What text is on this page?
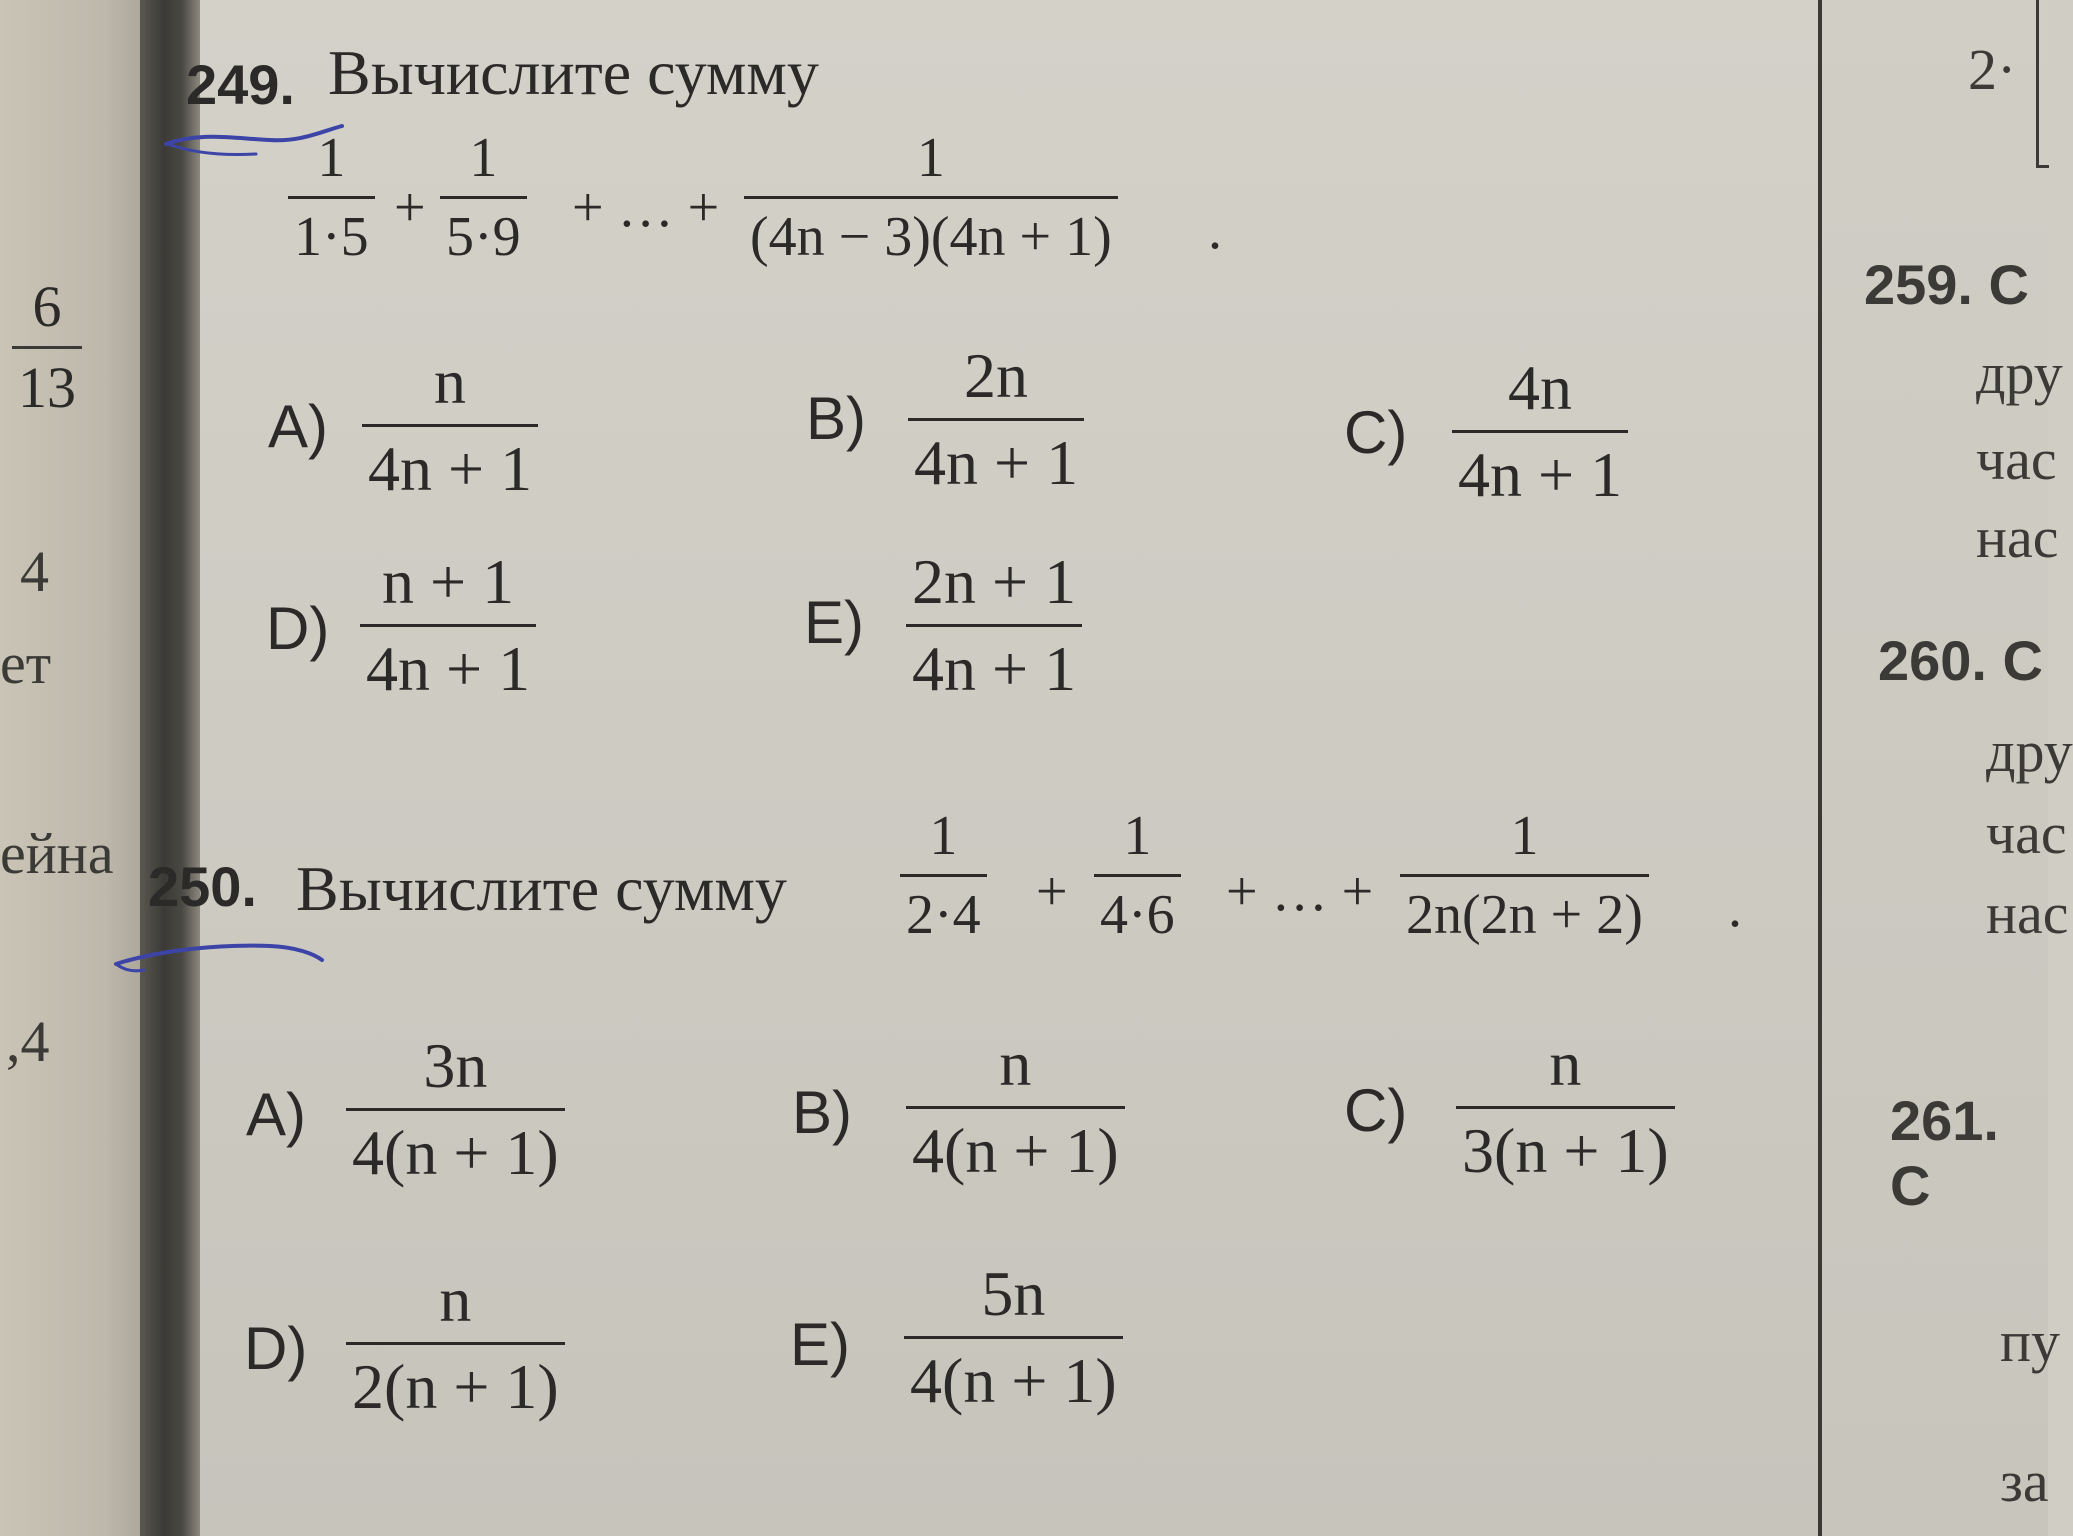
$\frac{6}{13}$
4
ет
ейна
,4
2·
259. С
дру
час
нас
260. С
дру
час
нас
261. С
пу
за
249. Вычислите сумму
$\frac{1}{1\cdot 5} + \frac{1}{5\cdot 9}$ + … + $\frac{1}{(4n - 3)(4n + 1)}$ .
$A) \frac{n}{4n + 1}$	$B) \frac{2n}{4n + 1}$	$C) \frac{4n}{4n + 1}$
$D) \frac{n + 1}{4n + 1}$	$E) \frac{2n + 1}{4n + 1}$
250. Вычислите сумму $\frac{1}{2\cdot 4} + \frac{1}{4\cdot 6}$ + … + $\frac{1}{2n(2n + 2)}$ .
$A) \frac{3n}{4(n + 1)}$	$B) \frac{n}{4(n + 1)}$	$C) \frac{n}{3(n + 1)}$
$D) \frac{n}{2(n + 1)}$	$E) \frac{5n}{4(n + 1)}$
